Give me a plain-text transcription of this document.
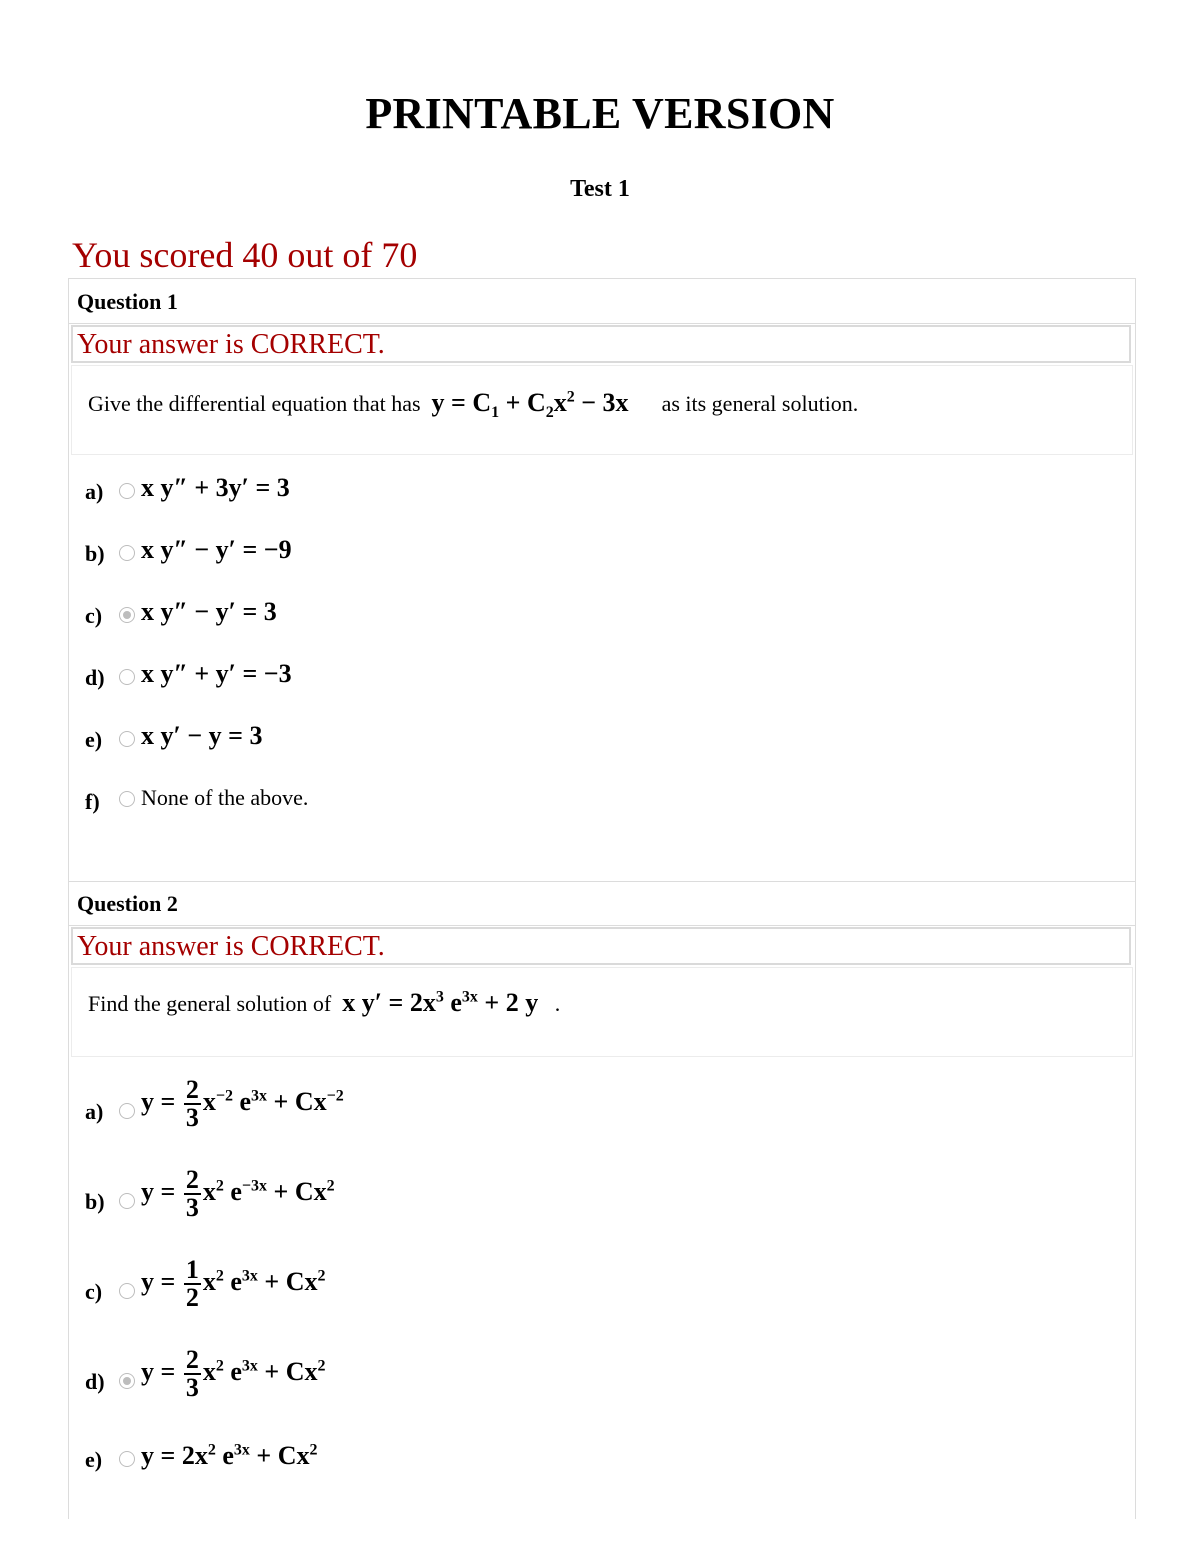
PRINTABLE VERSION
Test 1
You scored 40 out of 70
Question 1
Your answer is CORRECT.
Give the differential equation that has $y = C_1 + C_2x^2 - 3x$ as its general solution.
a) x y″ + 3y′ = 3
b) x y″ − y′ = −9
c) x y″ − y′ = 3
d) x y″ + y′ = −3
e) x y′ − y = 3
f) None of the above.
Question 2
Your answer is CORRECT.
Find the general solution of x $y' = 2x^3$ $e^{3x} + 2$ y .
a) $y = \frac{2}{3} x^{-2}$ $e^{3x} + Cx^{-2}$
b) $y = \frac{2}{3} x^2$ $e^{-3x} + Cx^2$
c) $y = \frac{1}{2} x^2$ $e^{3x} + Cx^2$
d) $y = \frac{2}{3} x^2$ $e^{3x} + Cx^2$
e) $y = 2x^2$ $e^{3x} + Cx^2$
